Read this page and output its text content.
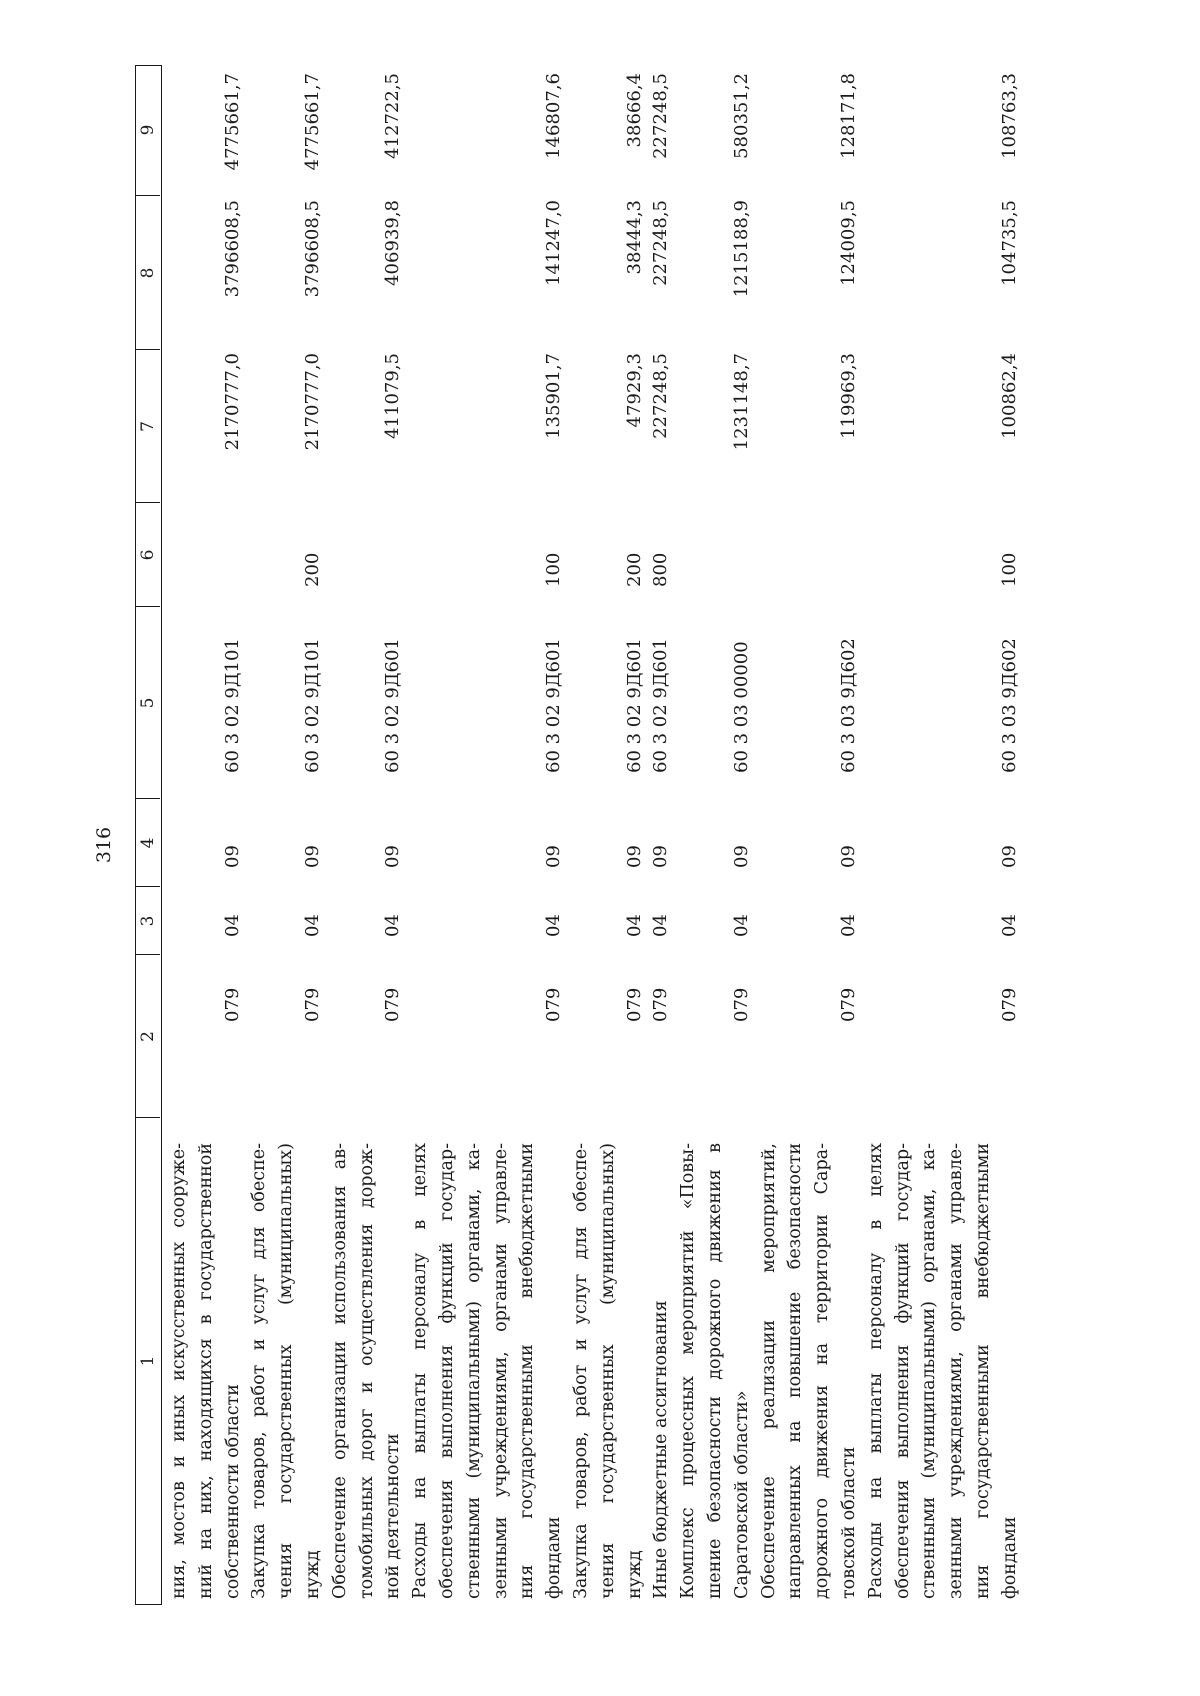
316
1
2
3
4
5
6
7
8
9
ния, мостов и иных искусственных сооруже- ний на них, находящихся в государственной собственности области
079
04
09
60 3 02 9Д101
2170777,0
3796608,5
4775661,7
Закупка товаров, работ и услуг для обеспе- чения государственных (муниципальных) нужд
079
04
09
60 3 02 9Д101
200
2170777,0
3796608,5
4775661,7
Обеспечение организации использования ав- томобильных дорог и осуществления дорож- ной деятельности
079
04
09
60 3 02 9Д601
411079,5
406939,8
412722,5
Расходы на выплаты персоналу в целях обеспечения выполнения функций государ- ственными (муниципальными) органами, ка- зенными учреждениями, органами управле- ния государственными внебюджетными фондами
079
04
09
60 3 02 9Д601
100
135901,7
141247,0
146807,6
Закупка товаров, работ и услуг для обеспе- чения государственных (муниципальных) нужд
079
04
09
60 3 02 9Д601
200
47929,3
38444,3
38666,4
Иные бюджетные ассигнования
079
04
09
60 3 02 9Д601
800
227248,5
227248,5
227248,5
Комплекс процессных мероприятий «Повы- шение безопасности дорожного движения в Саратовской области»
079
04
09
60 3 03 00000
1231148,7
1215188,9
580351,2
Обеспечение реализации мероприятий, направленных на повышение безопасности дорожного движения на территории Сара- товской области
079
04
09
60 3 03 9Д602
119969,3
124009,5
128171,8
Расходы на выплаты персоналу в целях обеспечения выполнения функций государ- ственными (муниципальными) органами, ка- зенными учреждениями, органами управле- ния государственными внебюджетными фондами
079
04
09
60 3 03 9Д602
100
100862,4
104735,5
108763,3
